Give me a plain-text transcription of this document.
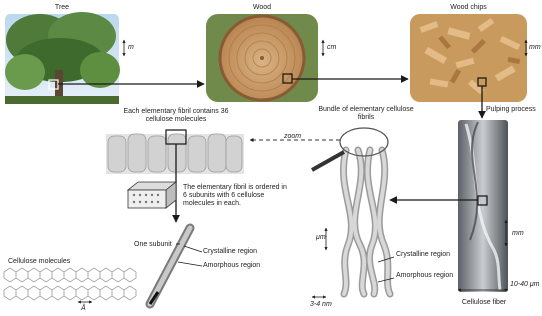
Tree	Wood	Wood chips
m	cm	mm
Pulping process
Each elementary fibril contains 36 cellulose molecules
Bundle of elementary cellulose fibrils
zoom
The elementary fibril is ordered in 6 subunits with 6 cellulose molecules in each.
One subunit
Crystalline region
Amorphous region
Cellulose molecules
Å
μm
Crystalline region
Amorphous region
3-4 nm
mm
10-40 μm
Cellulose fiber
